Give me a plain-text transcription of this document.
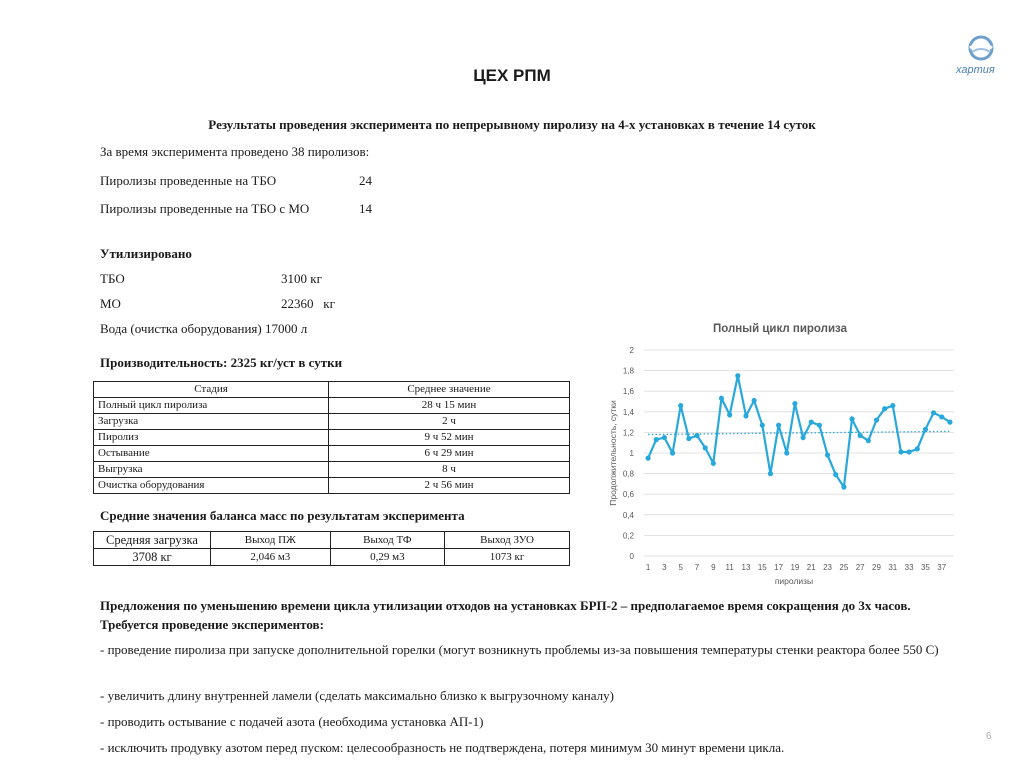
ЦЕХ РПМ	хартия
Результаты проведения эксперимента по непрерывному пиролизу на 4-х установках в течение 14 суток
За время эксперимента проведено 38 пиролизов:
Пиролизы проведенные на ТБО	24
Пиролизы проведенные на ТБО с МО	14
Утилизировано
ТБО	3100 кг
МО	22360   кг
Вода (очистка оборудования) 17000 л
Производительность: 2325 кг/уст в сутки
Стадия	Среднее значение
Полный цикл пиролиза	28 ч 15 мин
Загрузка	2 ч
Пиролиз	9 ч 52 мин
Остывание	6 ч 29 мин
Выгрузка	8 ч
Очистка оборудования	2 ч 56 мин
Средние значения баланса масс по результатам эксперимента
Средняя загрузка	Выход ПЖ	Выход ТФ	Выход ЗУО
3708 кг	2,046 м3	0,29 м3	1073 кг
Полный цикл пиролиза
0
0,2
0,4
0,6
0,8
1
1,2
1,4
1,6
1,8
2
1 3 5 7 9 11 13 15 17 19 21 23 25 27 29 31 33 35 37
Продолжительность, сутки
пиролизы
Предложения по уменьшению времени цикла утилизации отходов на установках БРП-2 – предполагаемое время сокращения до 3х часов.
Требуется проведение экспериментов:
- проведение пиролиза при запуске дополнительной горелки (могут возникнуть проблемы из-за повышения температуры стенки реактора более 550 С)
- увеличить длину внутренней ламели (сделать максимально близко к выгрузочному каналу)
- проводить остывание с подачей азота (необходима установка АП-1)
- исключить продувку азотом перед пуском: целесообразность не подтверждена, потеря минимум 30 минут времени цикла.
6
